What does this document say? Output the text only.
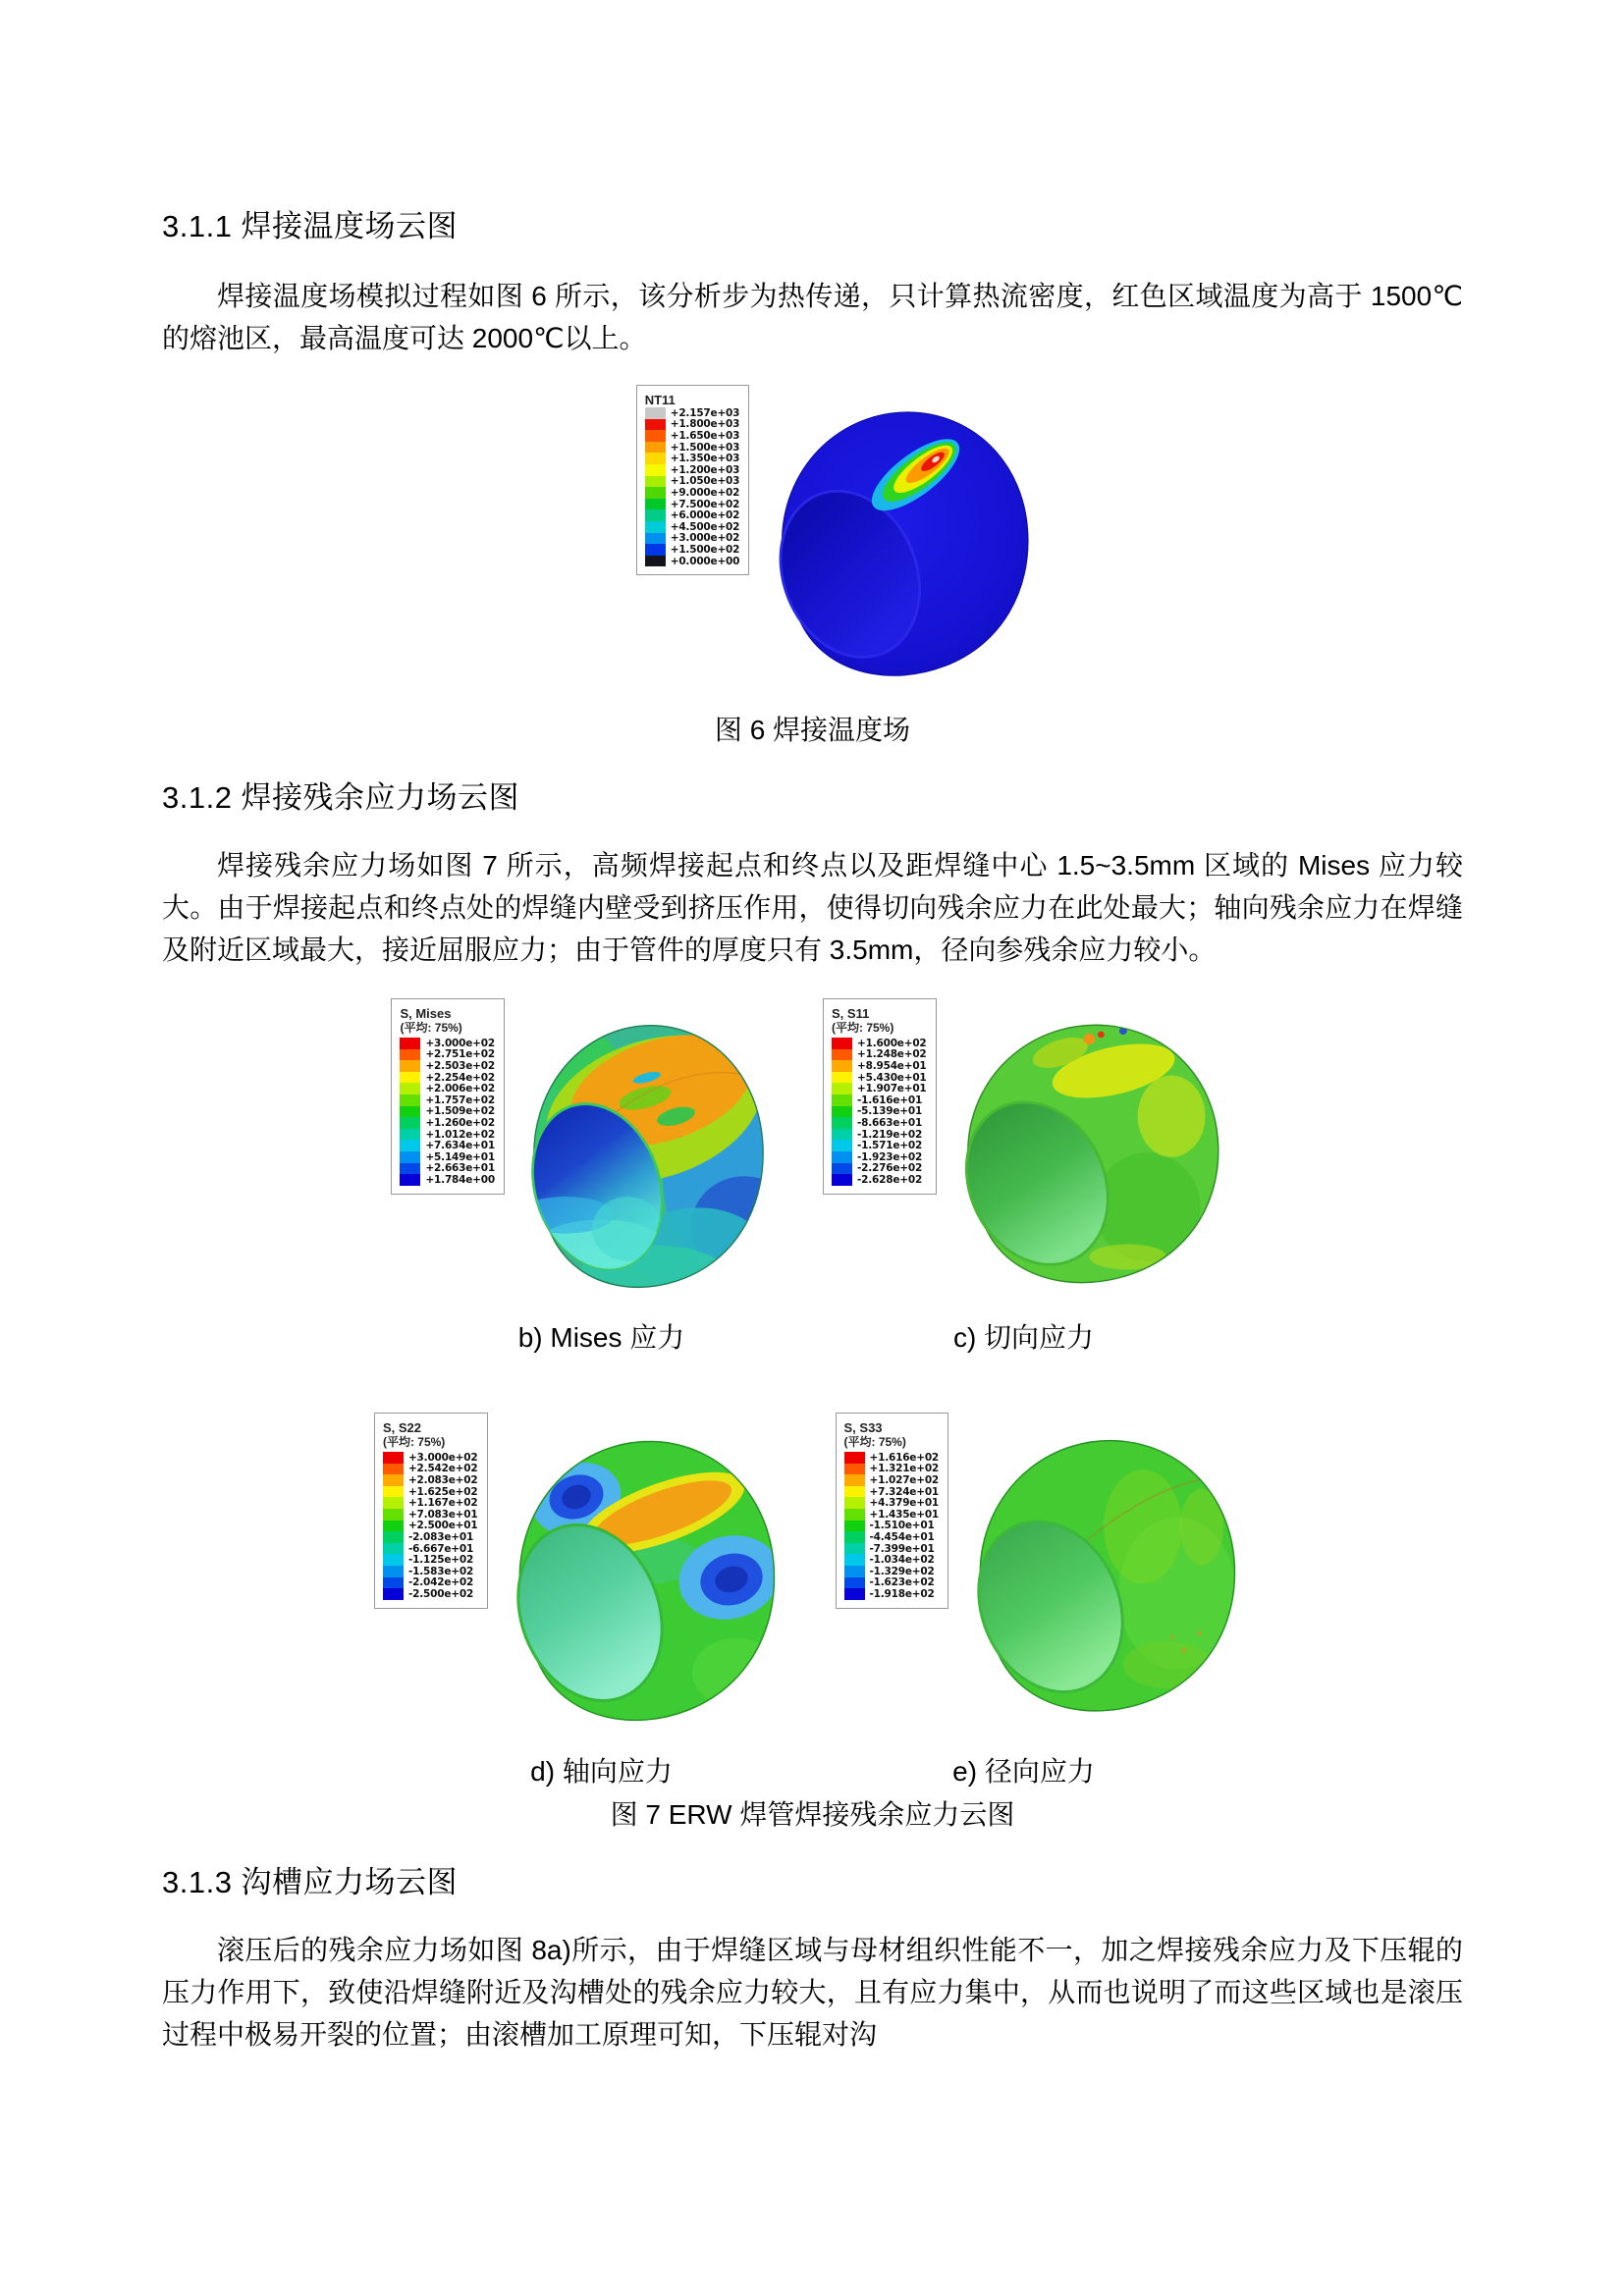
3.1.1 焊接温度场云图

焊接温度场模拟过程如图 6 所示，该分析步为热传递，只计算热流密度，红色区域温度为高于 1500℃的熔池区，最高温度可达 2000℃以上。

NT11
+2.157e+03
+1.800e+03
+1.650e+03
+1.500e+03
+1.350e+03
+1.200e+03
+1.050e+03
+9.000e+02
+7.500e+02
+6.000e+02
+4.500e+02
+3.000e+02
+1.500e+02
+0.000e+00

图 6 焊接温度场

3.1.2 焊接残余应力场云图

焊接残余应力场如图 7 所示，高频焊接起点和终点以及距焊缝中心 1.5~3.5mm 区域的 Mises 应力较大。由于焊接起点和终点处的焊缝内壁受到挤压作用，使得切向残余应力在此处最大；轴向残余应力在焊缝及附近区域最大，接近屈服应力；由于管件的厚度只有 3.5mm，径向参残余应力较小。

S, Mises
(平均: 75%)
+3.000e+02
+2.751e+02
+2.503e+02
+2.254e+02
+2.006e+02
+1.757e+02
+1.509e+02
+1.260e+02
+1.012e+02
+7.634e+01
+5.149e+01
+2.663e+01
+1.784e+00
S, S11
(平均: 75%)
+1.600e+02
+1.248e+02
+8.954e+01
+5.430e+01
+1.907e+01
-1.616e+01
-5.139e+01
-8.663e+01
-1.219e+02
-1.571e+02
-1.923e+02
-2.276e+02
-2.628e+02
b) Mises 应力	c) 切向应力
S, S22
(平均: 75%)
+3.000e+02
+2.542e+02
+2.083e+02
+1.625e+02
+1.167e+02
+7.083e+01
+2.500e+01
-2.083e+01
-6.667e+01
-1.125e+02
-1.583e+02
-2.042e+02
-2.500e+02
S, S33
(平均: 75%)
+1.616e+02
+1.321e+02
+1.027e+02
+7.324e+01
+4.379e+01
+1.435e+01
-1.510e+01
-4.454e+01
-7.399e+01
-1.034e+02
-1.329e+02
-1.623e+02
-1.918e+02
d) 轴向应力	e) 径向应力

图 7 ERW 焊管焊接残余应力云图

3.1.3 沟槽应力场云图

滚压后的残余应力场如图 8a)所示，由于焊缝区域与母材组织性能不一，加之焊接残余应力及下压辊的压力作用下，致使沿焊缝附近及沟槽处的残余应力较大，且有应力集中，从而也说明了而这些区域也是滚压过程中极易开裂的位置；由滚槽加工原理可知，下压辊对沟
